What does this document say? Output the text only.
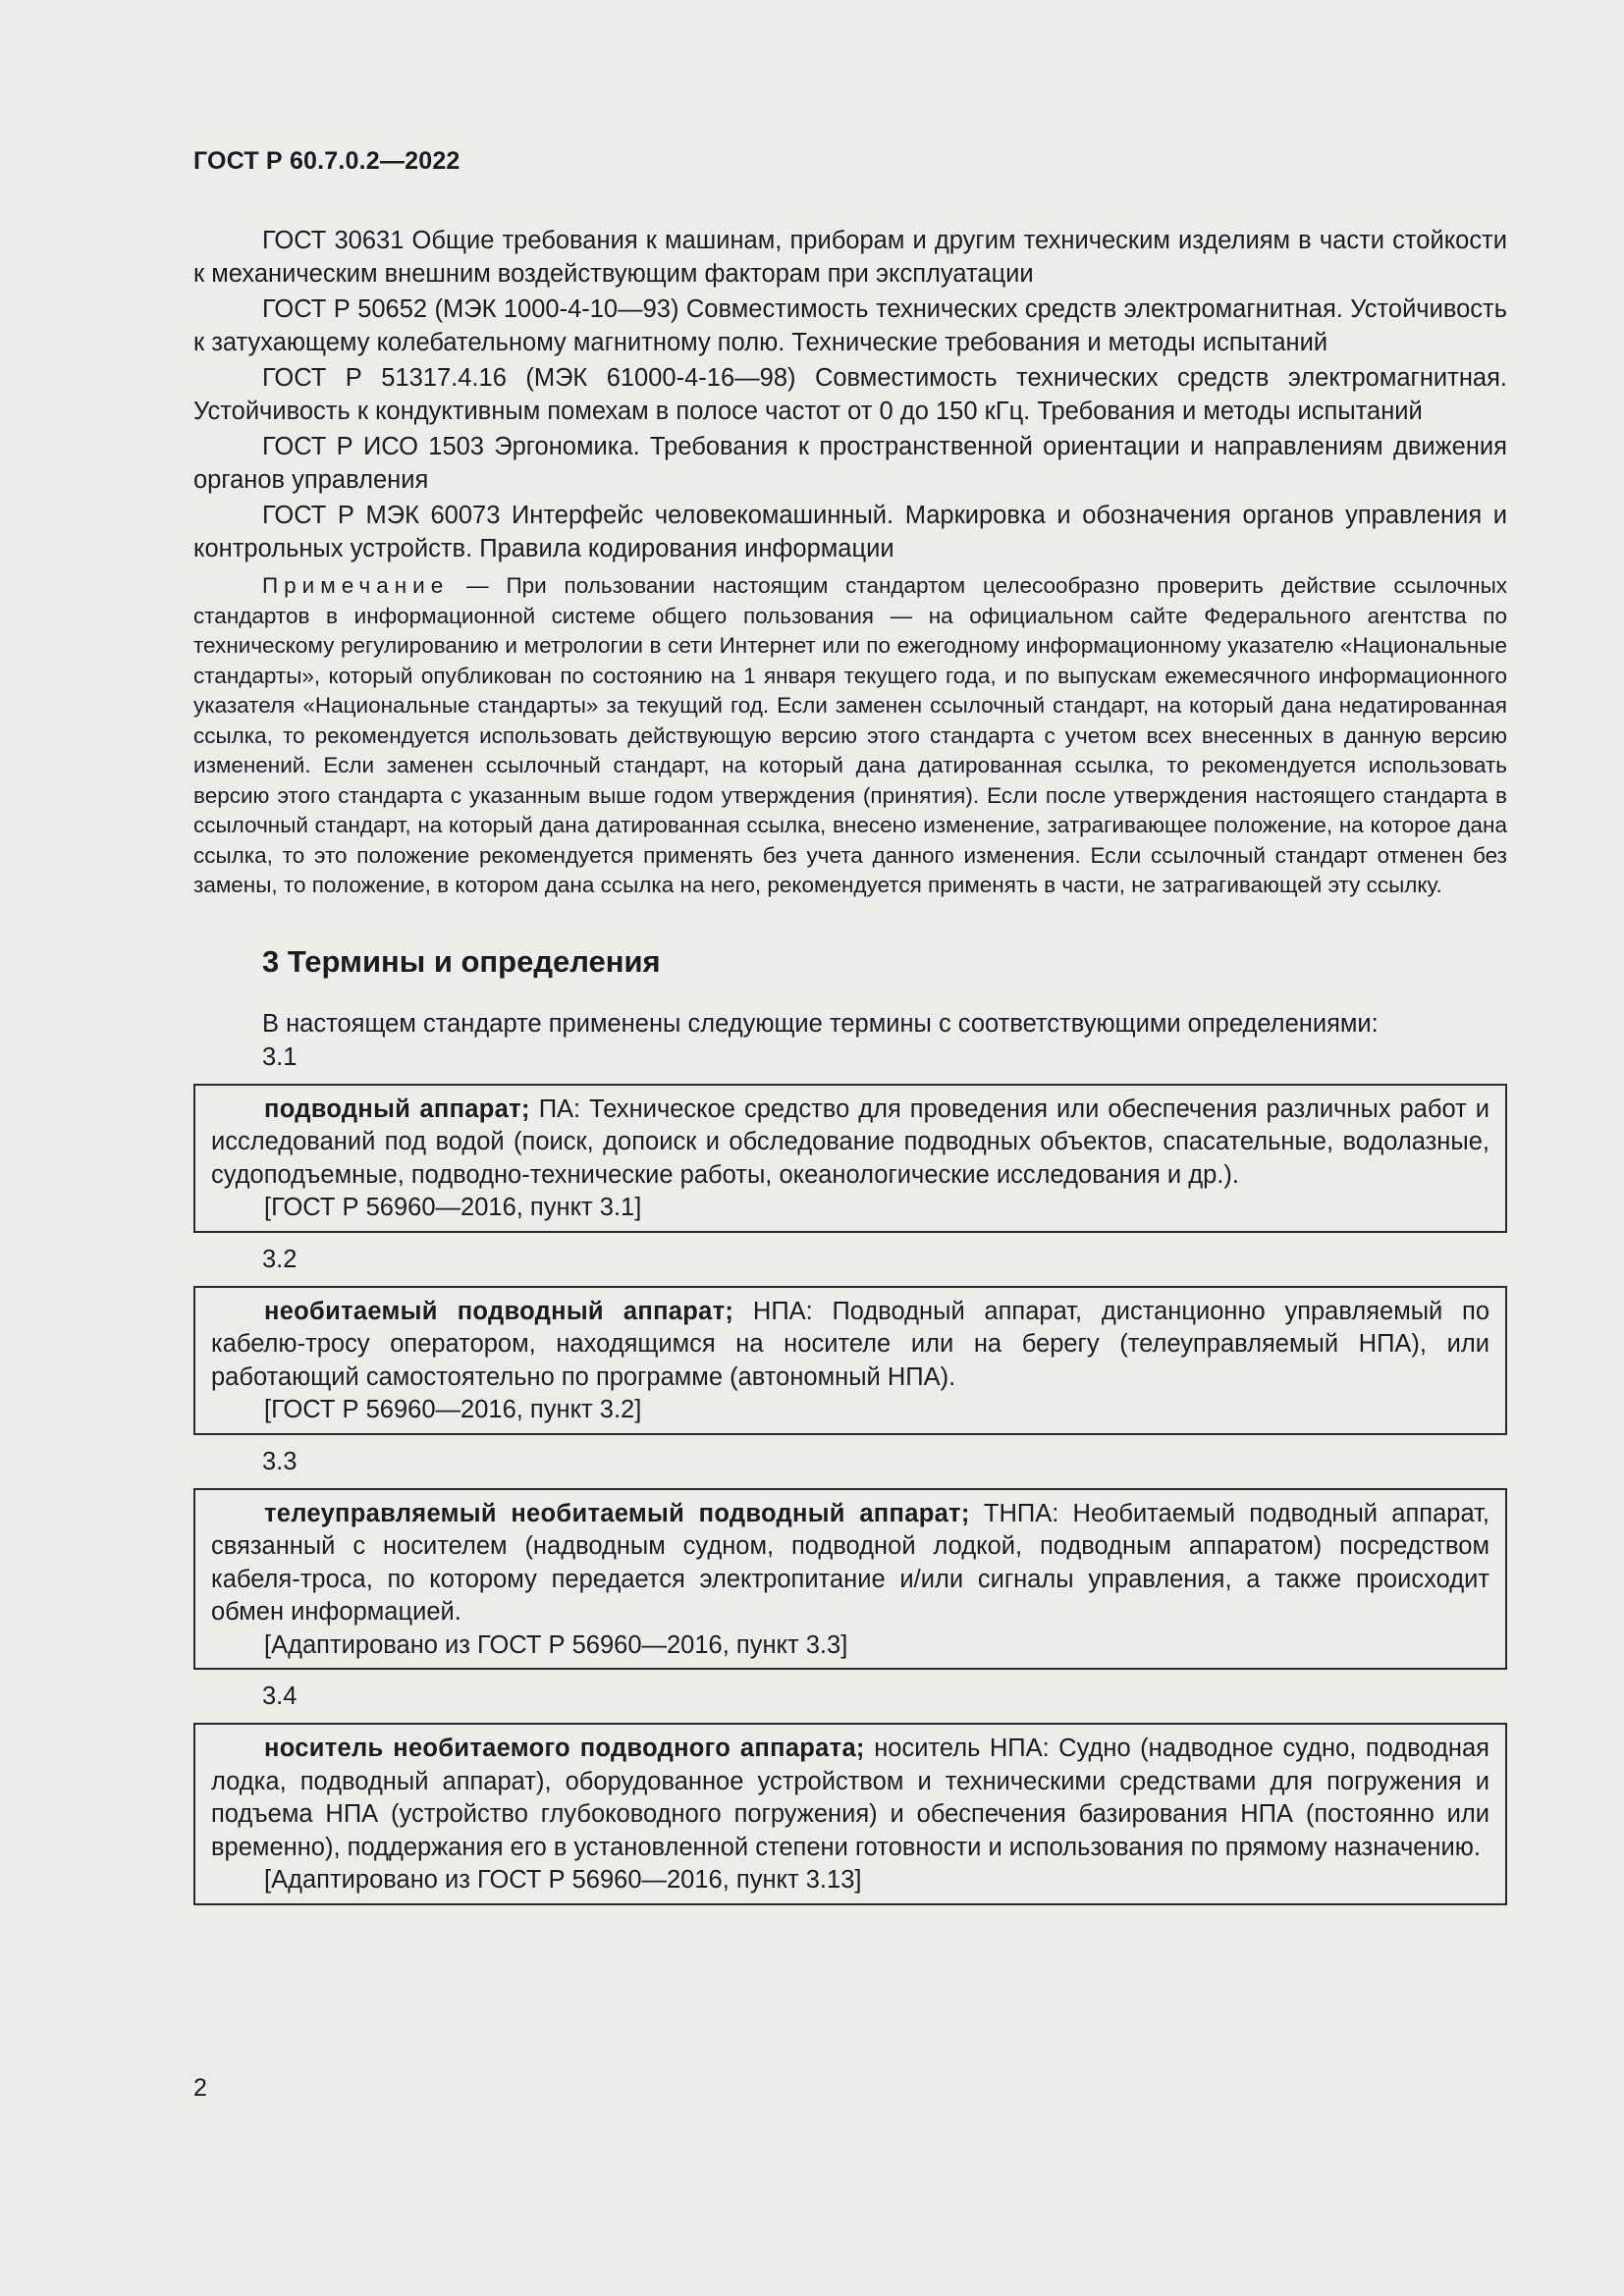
ГОСТ Р 60.7.0.2—2022

ГОСТ 30631 Общие требования к машинам, приборам и другим техническим изделиям в части стойкости к механическим внешним воздействующим факторам при эксплуатации

ГОСТ Р 50652 (МЭК 1000-4-10—93) Совместимость технических средств электромагнитная. Устойчивость к затухающему колебательному магнитному полю. Технические требования и методы испытаний

ГОСТ Р 51317.4.16 (МЭК 61000-4-16—98) Совместимость технических средств электромагнитная. Устойчивость к кондуктивным помехам в полосе частот от 0 до 150 кГц. Требования и методы испытаний

ГОСТ Р ИСО 1503 Эргономика. Требования к пространственной ориентации и направлениям движения органов управления

ГОСТ Р МЭК 60073 Интерфейс человекомашинный. Маркировка и обозначения органов управления и контрольных устройств. Правила кодирования информации

Примечание — При пользовании настоящим стандартом целесообразно проверить действие ссылочных стандартов в информационной системе общего пользования — на официальном сайте Федерального агентства по техническому регулированию и метрологии в сети Интернет или по ежегодному информационному указателю «Национальные стандарты», который опубликован по состоянию на 1 января текущего года, и по выпускам ежемесячного информационного указателя «Национальные стандарты» за текущий год. Если заменен ссылочный стандарт, на который дана недатированная ссылка, то рекомендуется использовать действующую версию этого стандарта с учетом всех внесенных в данную версию изменений. Если заменен ссылочный стандарт, на который дана датированная ссылка, то рекомендуется использовать версию этого стандарта с указанным выше годом утверждения (принятия). Если после утверждения настоящего стандарта в ссылочный стандарт, на который дана датированная ссылка, внесено изменение, затрагивающее положение, на которое дана ссылка, то это положение рекомендуется применять без учета данного изменения. Если ссылочный стандарт отменен без замены, то положение, в котором дана ссылка на него, рекомендуется применять в части, не затрагивающей эту ссылку.

3 Термины и определения
В настоящем стандарте применены следующие термины с соответствующими определениями:
3.1

подводный аппарат; ПА: Техническое средство для проведения или обеспечения различных работ и исследований под водой (поиск, допоиск и обследование подводных объектов, спасательные, водолазные, судоподъемные, подводно-технические работы, океанологические исследования и др.).

[ГОСТ Р 56960—2016, пункт 3.1]
3.2

необитаемый подводный аппарат; НПА: Подводный аппарат, дистанционно управляемый по кабелю-тросу оператором, находящимся на носителе или на берегу (телеуправляемый НПА), или работающий самостоятельно по программе (автономный НПА).

[ГОСТ Р 56960—2016, пункт 3.2]
3.3

телеуправляемый необитаемый подводный аппарат; ТНПА: Необитаемый подводный аппарат, связанный с носителем (надводным судном, подводной лодкой, подводным аппаратом) посредством кабеля-троса, по которому передается электропитание и/или сигналы управления, а также происходит обмен информацией.

[Адаптировано из ГОСТ Р 56960—2016, пункт 3.3]
3.4

носитель необитаемого подводного аппарата; носитель НПА: Судно (надводное судно, подводная лодка, подводный аппарат), оборудованное устройством и техническими средствами для погружения и подъема НПА (устройство глубоководного погружения) и обеспечения базирования НПА (постоянно или временно), поддержания его в установленной степени готовности и использования по прямому назначению.

[Адаптировано из ГОСТ Р 56960—2016, пункт 3.13]
2
